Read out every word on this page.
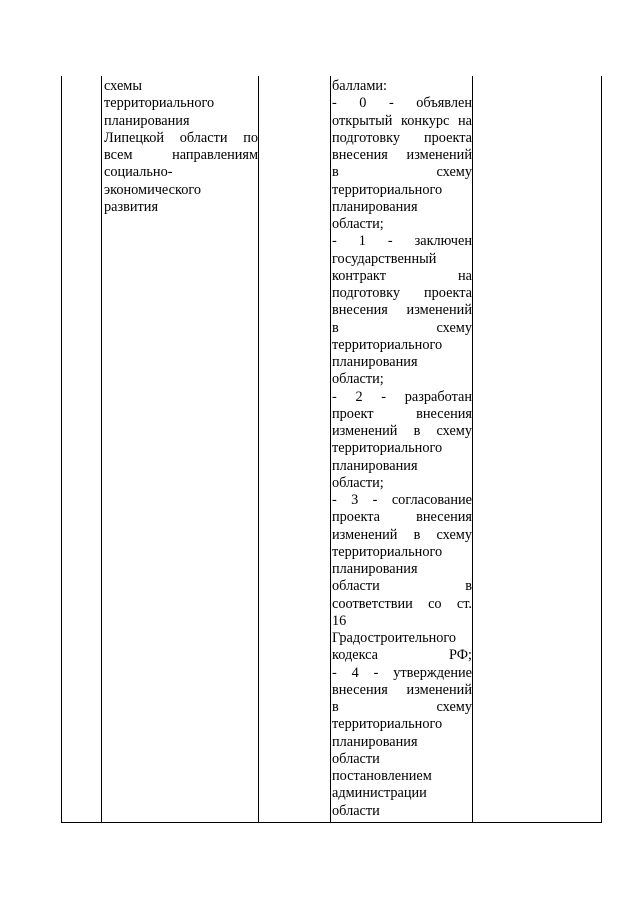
схемы
территориального
планирования
Липецкой области по
всем направлениям
социально-
экономического
развития
баллами:
- 0 - объявлен
открытый конкурс на
подготовку проекта
внесения изменений
в схему
территориального
планирования
области;
- 1 - заключен
государственный
контракт на
подготовку проекта
внесения изменений
в схему
территориального
планирования
области;
- 2 - разработан
проект внесения
изменений в схему
территориального
планирования
области;
- 3 - согласование
проекта внесения
изменений в схему
территориального
планирования
области в
соответствии со ст.
16
Градостроительного
кодекса РФ;
- 4 - утверждение
внесения изменений
в схему
территориального
планирования
области
постановлением
администрации
области
